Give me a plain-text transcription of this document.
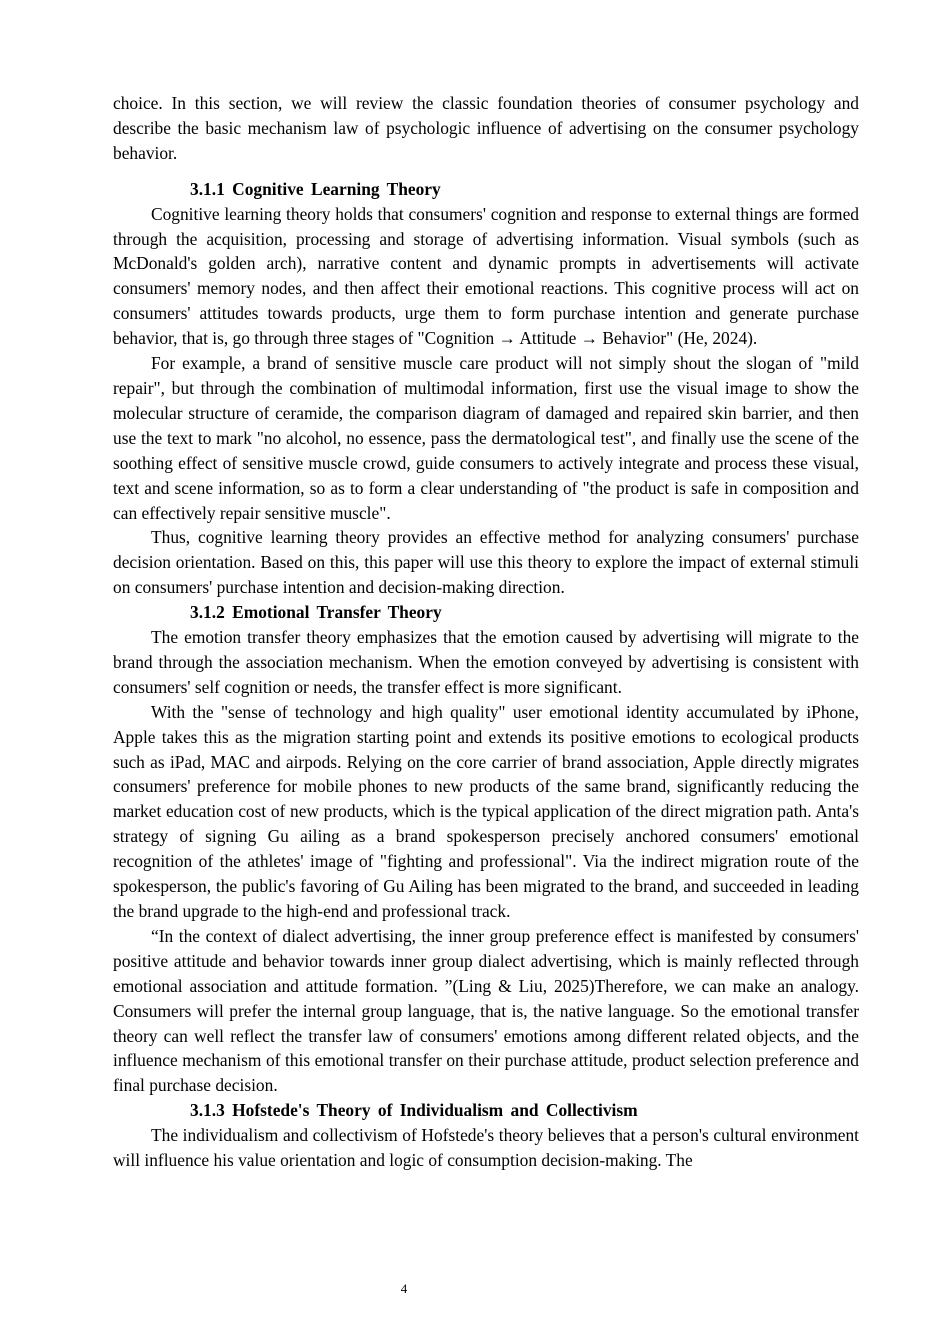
choice. In this section, we will review the classic foundation theories of consumer psychology and describe the basic mechanism law of psychologic influence of advertising on the consumer psychology behavior.

3.1.1 Cognitive Learning Theory

Cognitive learning theory holds that consumers' cognition and response to external things are formed through the acquisition, processing and storage of advertising information. Visual symbols (such as McDonald's golden arch), narrative content and dynamic prompts in advertisements will activate consumers' memory nodes, and then affect their emotional reactions. This cognitive process will act on consumers' attitudes towards products, urge them to form purchase intention and generate purchase behavior, that is, go through three stages of "Cognition → Attitude → Behavior" (He, 2024).

For example, a brand of sensitive muscle care product will not simply shout the slogan of "mild repair", but through the combination of multimodal information, first use the visual image to show the molecular structure of ceramide, the comparison diagram of damaged and repaired skin barrier, and then use the text to mark "no alcohol, no essence, pass the dermatological test", and finally use the scene of the soothing effect of sensitive muscle crowd, guide consumers to actively integrate and process these visual, text and scene information, so as to form a clear understanding of "the product is safe in composition and can effectively repair sensitive muscle".

Thus, cognitive learning theory provides an effective method for analyzing consumers' purchase decision orientation. Based on this, this paper will use this theory to explore the impact of external stimuli on consumers' purchase intention and decision-making direction.

3.1.2 Emotional Transfer Theory

The emotion transfer theory emphasizes that the emotion caused by advertising will migrate to the brand through the association mechanism. When the emotion conveyed by advertising is consistent with consumers' self cognition or needs, the transfer effect is more significant.

With the "sense of technology and high quality" user emotional identity accumulated by iPhone, Apple takes this as the migration starting point and extends its positive emotions to ecological products such as iPad, MAC and airpods. Relying on the core carrier of brand association, Apple directly migrates consumers' preference for mobile phones to new products of the same brand, significantly reducing the market education cost of new products, which is the typical application of the direct migration path. Anta's strategy of signing Gu ailing as a brand spokesperson precisely anchored consumers' emotional recognition of the athletes' image of "fighting and professional". Via the indirect migration route of the spokesperson, the public's favoring of Gu Ailing has been migrated to the brand, and succeeded in leading the brand upgrade to the high-end and professional track.

“In the context of dialect advertising, the inner group preference effect is manifested by consumers' positive attitude and behavior towards inner group dialect advertising, which is mainly reflected through emotional association and attitude formation. ”(Ling & Liu, 2025)Therefore, we can make an analogy. Consumers will prefer the internal group language, that is, the native language. So the emotional transfer theory can well reflect the transfer law of consumers' emotions among different related objects, and the influence mechanism of this emotional transfer on their purchase attitude, product selection preference and final purchase decision.

3.1.3 Hofstede's Theory of Individualism and Collectivism

The individualism and collectivism of Hofstede's theory believes that a person's cultural environment will influence his value orientation and logic of consumption decision-making. The

4
